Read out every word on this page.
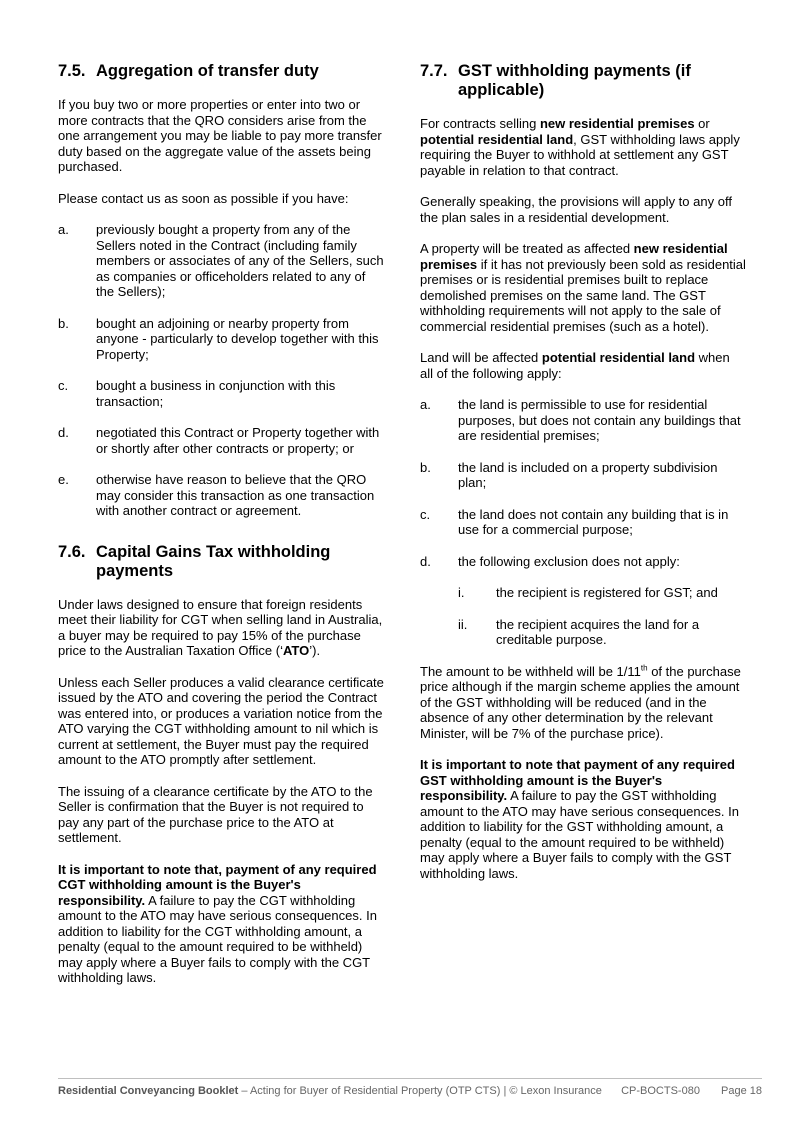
7.5. Aggregation of transfer duty

If you buy two or more properties or enter into two or more contracts that the QRO considers arise from the one arrangement you may be liable to pay more transfer duty based on the aggregate value of the assets being purchased.

Please contact us as soon as possible if you have:

a.	previously bought a property from any of the Sellers noted in the Contract (including family members or associates of any of the Sellers, such as companies or officeholders related to any of the Sellers);
b.	bought an adjoining or nearby property from anyone - particularly to develop together with this Property;
c.	bought a business in conjunction with this transaction;
d.	negotiated this Contract or Property together with or shortly after other contracts or property; or
e.	otherwise have reason to believe that the QRO may consider this transaction as one transaction with another contract or agreement.
7.6. Capital Gains Tax withholding payments

Under laws designed to ensure that foreign residents meet their liability for CGT when selling land in Australia, a buyer may be required to pay 15% of the purchase price to the Australian Taxation Office (‘ATO’).

Unless each Seller produces a valid clearance certificate issued by the ATO and covering the period the Contract was entered into, or produces a variation notice from the ATO varying the CGT withholding amount to nil which is current at settlement, the Buyer must pay the required amount to the ATO promptly after settlement.

The issuing of a clearance certificate by the ATO to the Seller is confirmation that the Buyer is not required to pay any part of the purchase price to the ATO at settlement.

It is important to note that, payment of any required CGT withholding amount is the Buyer's responsibility. A failure to pay the CGT withholding amount to the ATO may have serious consequences. In addition to liability for the CGT withholding amount, a penalty (equal to the amount required to be withheld) may apply where a Buyer fails to comply with the CGT withholding laws.

7.7. GST withholding payments (if applicable)

For contracts selling new residential premises or potential residential land, GST withholding laws apply requiring the Buyer to withhold at settlement any GST payable in relation to that contract.

Generally speaking, the provisions will apply to any off the plan sales in a residential development.

A property will be treated as affected new residential premises if it has not previously been sold as residential premises or is residential premises built to replace demolished premises on the same land. The GST withholding requirements will not apply to the sale of commercial residential premises (such as a hotel).

Land will be affected potential residential land when all of the following apply:

a.	the land is permissible to use for residential purposes, but does not contain any buildings that are residential premises;
b.	the land is included on a property subdivision plan;
c.	the land does not contain any building that is in use for a commercial purpose;
d.	the following exclusion does not apply:
i.	the recipient is registered for GST; and
ii.	the recipient acquires the land for a creditable purpose.

The amount to be withheld will be 1/11th of the purchase price although if the margin scheme applies the amount of the GST withholding will be reduced (and in the absence of any other determination by the relevant Minister, will be 7% of the purchase price).

It is important to note that payment of any required GST withholding amount is the Buyer's responsibility. A failure to pay the GST withholding amount to the ATO may have serious consequences. In addition to liability for the GST withholding amount, a penalty (equal to the amount required to be withheld) may apply where a Buyer fails to comply with the GST withholding laws.

Residential Conveyancing Booklet – Acting for Buyer of Residential Property (OTP CTS) | © Lexon Insurance	CP-BOCTS-080 Page 18
